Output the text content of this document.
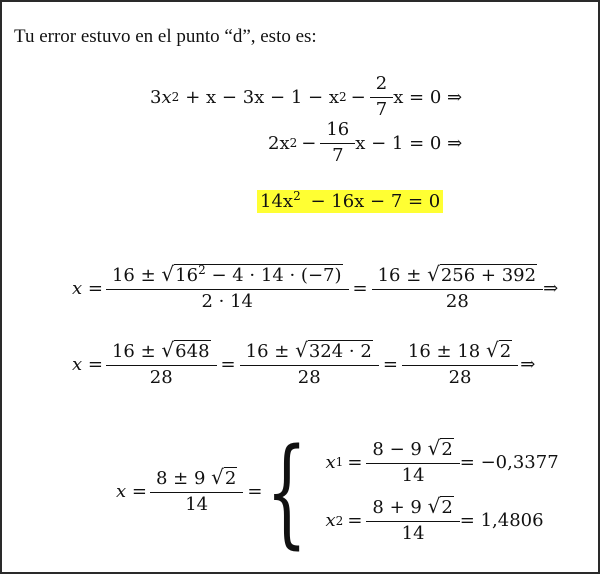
Tu error estuvo en el punto “d”, esto es:
3 x 2 + x − 3x − 1 − x $2 - \frac{2}{7}$ x = 0 ⇒
2x $2 - \frac{16}{7}$ x − 1 = 0 ⇒
$14x^2 - 16x - 7 = 0$
$x = \frac{16 \pm √ 16^2 - 4 \cdot 14 \cdot (-7)}{2 \cdot 14} = \frac{16 \pm √ 256 + 392}{28}$ ⇒
$x = \frac{16 \pm √ 648}{28} = \frac{16 \pm √ 324 \cdot 2}{28} = \frac{16 \pm 18 √ 2}{28}$ ⇒
$x = \frac{8 \pm 9 √ 2}{14}$ = { x $1 = \frac{8 - 9 √ 2}{14} = -0,3377$
x $2 = \frac{8 + 9 √ 2}{14} = 1,4806$
